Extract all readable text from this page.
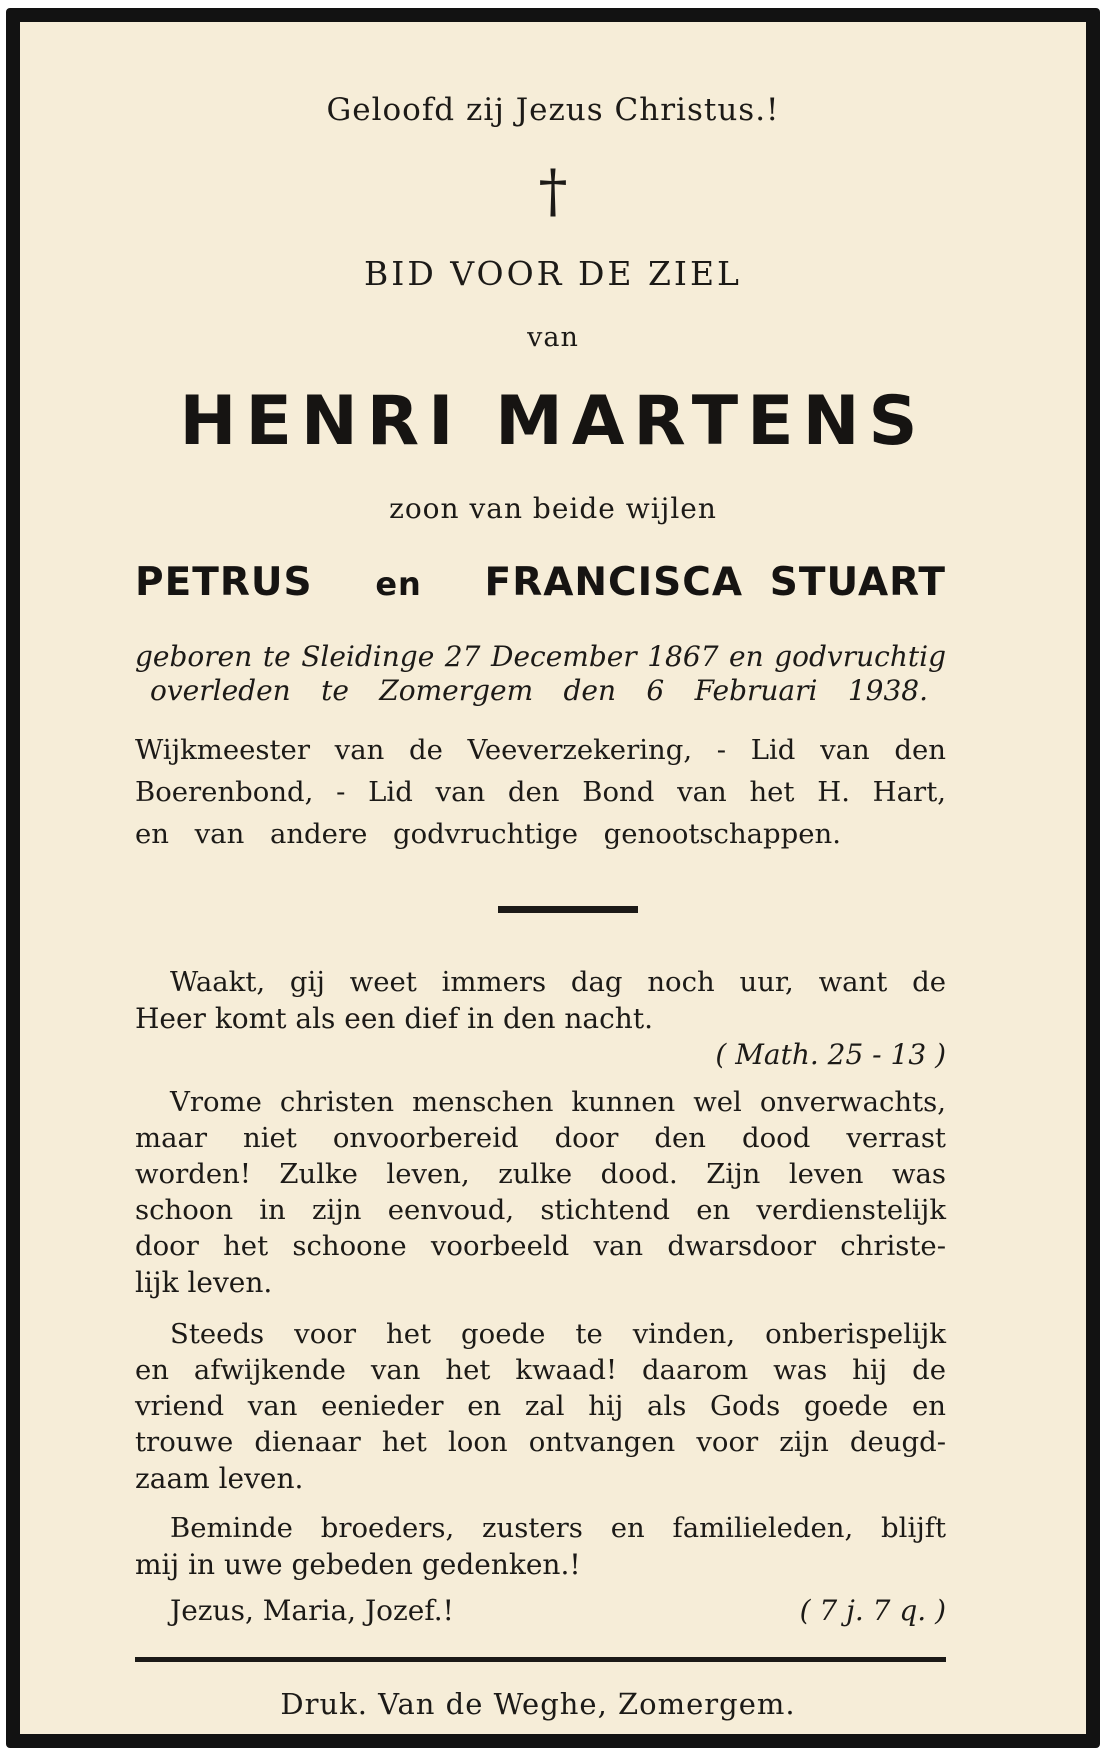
Geloofd zij Jezus Christus.!
†
BID VOOR DE ZIEL
van
HENRI MARTENS
zoon van beide wijlen
PETRUS en FRANCISCA STUART
geboren te Sleidinge 27 December 1867 en godvruchtig
overleden te Zomergem den 6 Februari 1938.
Wijkmeester van de Veeverzekering, - Lid van den
Boerenbond, - Lid van den Bond van het H. Hart,
en van andere godvruchtige genootschappen.
Waakt, gij weet immers dag noch uur, want de
Heer komt als een dief in den nacht.
( Math. 25 - 13 )
Vrome christen menschen kunnen wel onverwachts,
maar niet onvoorbereid door den dood verrast
worden! Zulke leven, zulke dood. Zijn leven was
schoon in zijn eenvoud, stichtend en verdienstelijk
door het schoone voorbeeld van dwarsdoor christe-
lijk leven.
Steeds voor het goede te vinden, onberispelijk
en afwijkende van het kwaad! daarom was hij de
vriend van eenieder en zal hij als Gods goede en
trouwe dienaar het loon ontvangen voor zijn deugd-
zaam leven.
Beminde broeders, zusters en familieleden, blijft
mij in uwe gebeden gedenken.!
Jezus, Maria, Jozef.!	( 7 j. 7 q. )
Druk. Van de Weghe, Zomergem.
